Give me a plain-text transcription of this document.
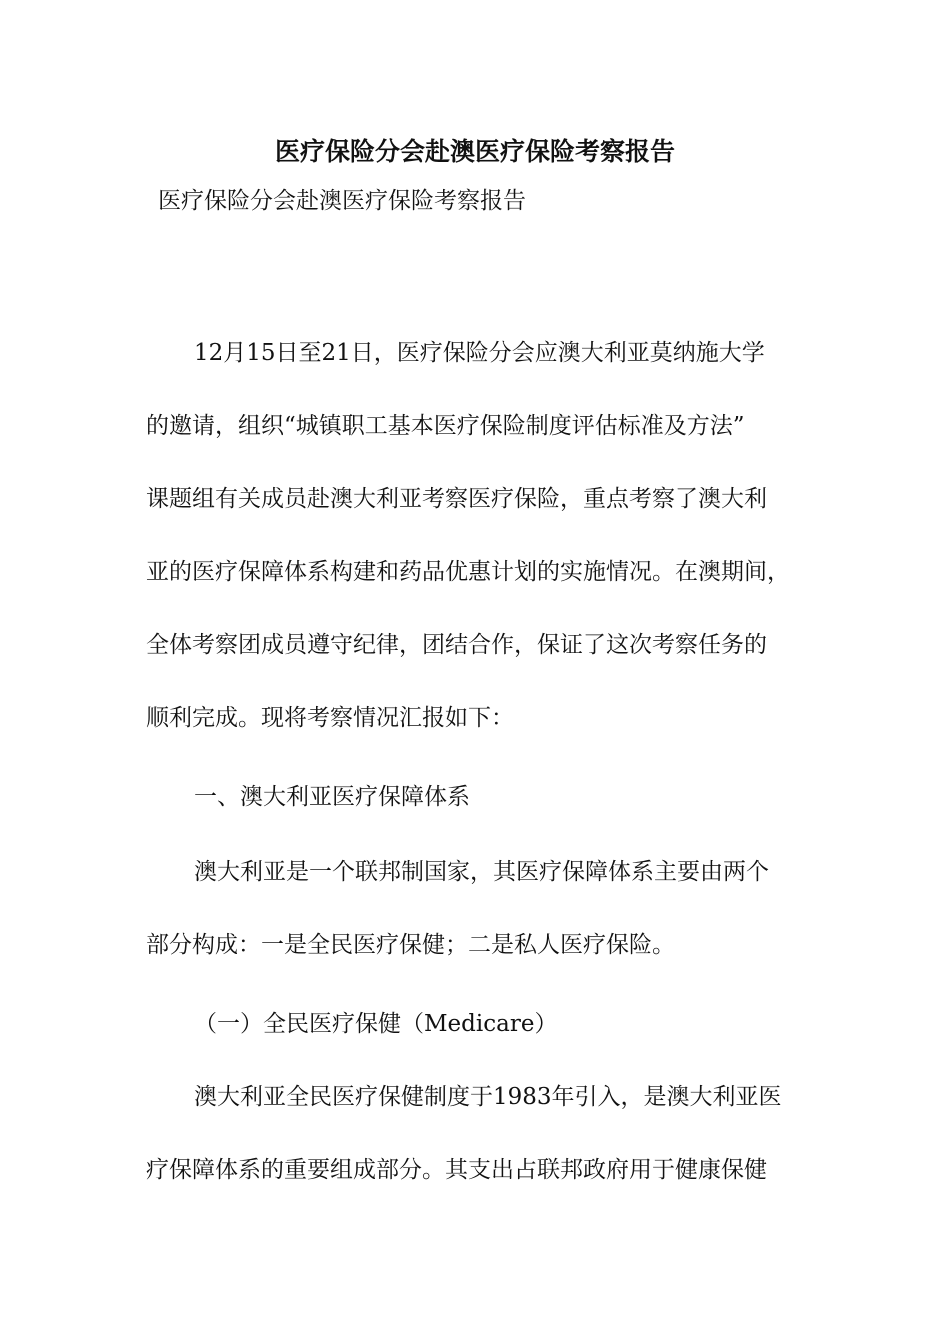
医疗保险分会赴澳医疗保险考察报告
医疗保险分会赴澳医疗保险考察报告
12月15日至21日，医疗保险分会应澳大利亚莫纳施大学
的邀请，组织“城镇职工基本医疗保险制度评估标准及方法”
课题组有关成员赴澳大利亚考察医疗保险，重点考察了澳大利
亚的医疗保障体系构建和药品优惠计划的实施情况。在澳期间，
全体考察团成员遵守纪律，团结合作，保证了这次考察任务的
顺利完成。现将考察情况汇报如下：
一、澳大利亚医疗保障体系
澳大利亚是一个联邦制国家，其医疗保障体系主要由两个
部分构成：一是全民医疗保健；二是私人医疗保险。
（一）全民医疗保健（Medicare）
澳大利亚全民医疗保健制度于1983年引入，是澳大利亚医
疗保障体系的重要组成部分。其支出占联邦政府用于健康保健
